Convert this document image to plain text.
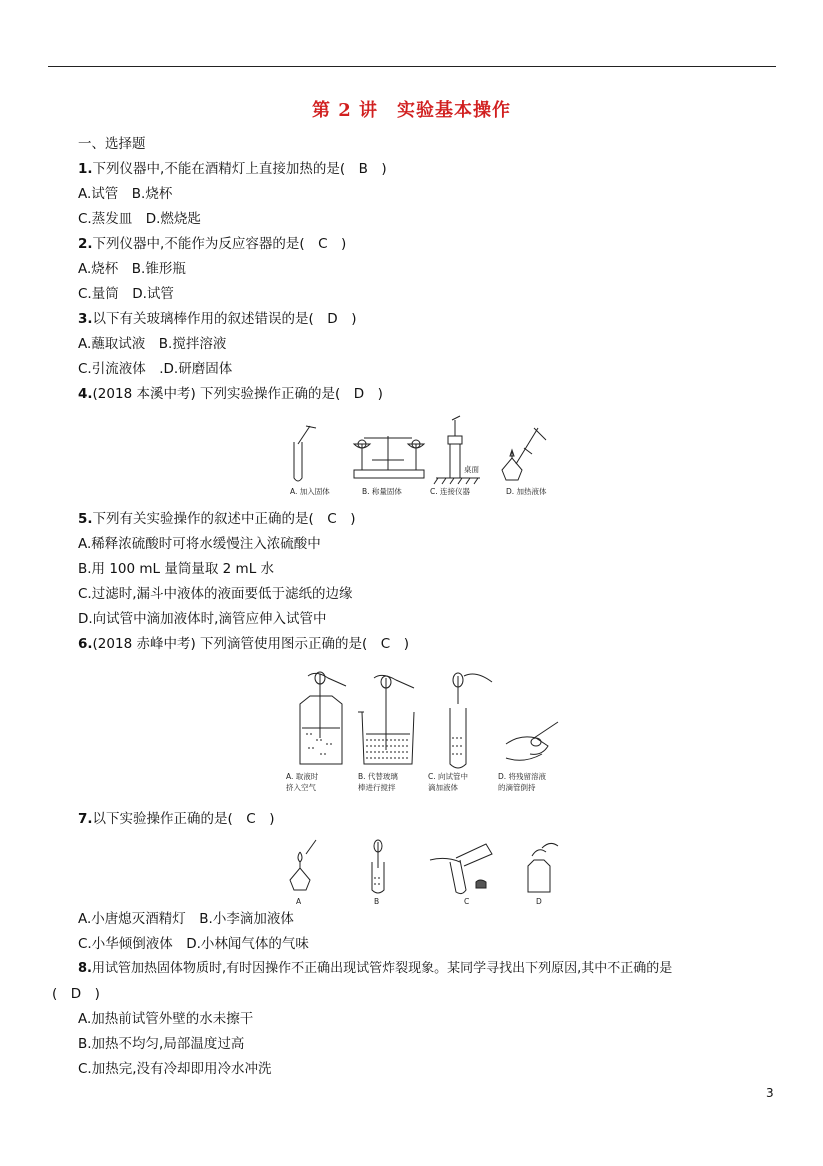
第 2 讲　实验基本操作
一、选择题
1.下列仪器中,不能在酒精灯上直接加热的是(　B　)
A.试管　B.烧杯
C.蒸发皿　D.燃烧匙
2.下列仪器中,不能作为反应容器的是(　C　)
A.烧杯　B.锥形瓶
C.量筒　D.试管
3.以下有关玻璃棒作用的叙述错误的是(　D　)
A.蘸取试液　B.搅拌溶液
C.引流液体　.D.研磨固体
4.(2018 本溪中考) 下列实验操作正确的是(　D　)
桌面
A. 加入固体	B. 称量固体	C. 连接仪器	D. 加热液体
5.下列有关实验操作的叙述中正确的是(　C　)
A.稀释浓硫酸时可将水缓慢注入浓硫酸中
B.用 100 mL 量筒量取 2 mL 水
C.过滤时,漏斗中液体的液面要低于滤纸的边缘
D.向试管中滴加液体时,滴管应伸入试管中
6.(2018 赤峰中考) 下列滴管使用图示正确的是(　C　)
A. 取液时
挤入空气
B. 代替玻璃
棒进行搅拌
C. 向试管中
滴加液体
D. 将残留溶液
的滴管倒持
7.以下实验操作正确的是(　C　)
A	B	C	D
A.小唐熄灭酒精灯　B.小李滴加液体
C.小华倾倒液体　D.小林闻气体的气味
8.用试管加热固体物质时,有时因操作不正确出现试管炸裂现象。某同学寻找出下列原因,其中不正确的是
(　D　)
A.加热前试管外壁的水未擦干
B.加热不均匀,局部温度过高
C.加热完,没有冷却即用冷水冲洗
3
